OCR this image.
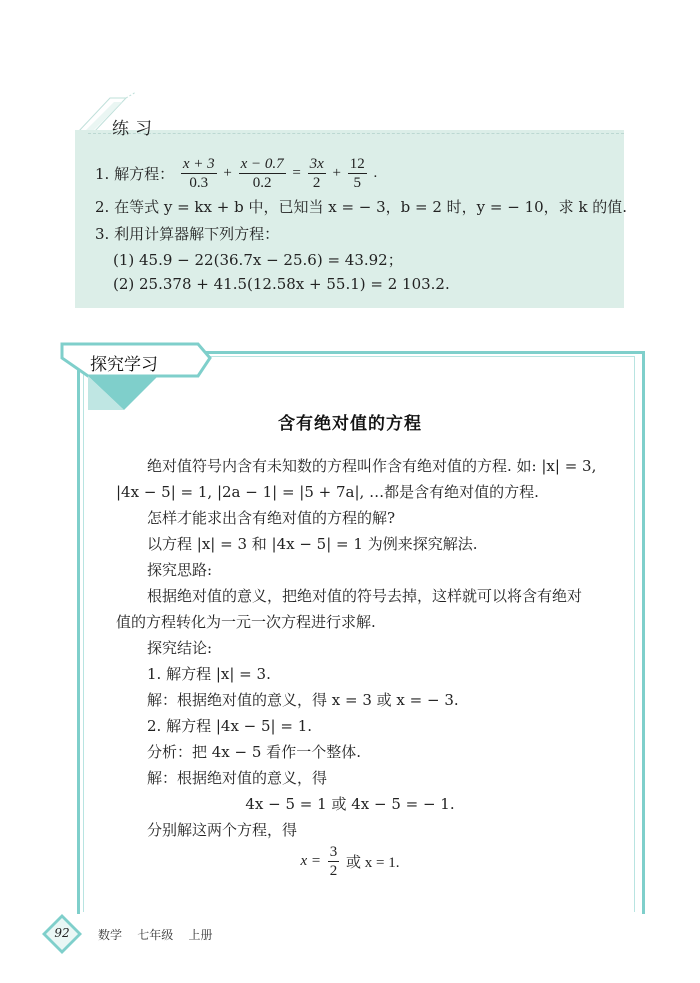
练习
1. 解方程： $\frac{x + 3}{0.3} + \frac{x - 0.7}{0.2} = \frac{3x}{2} + \frac{12}{5}$ .
2. 在等式 y = kx + b 中，已知当 x = − 3，b = 2 时，y = − 10，求 k 的值.
3. 利用计算器解下列方程：
(1) 45.9 − 22(36.7x − 25.6) = 43.92；
(2) 25.378 + 41.5(12.58x + 55.1) = 2 103.2.
探究学习
含有绝对值的方程
绝对值符号内含有未知数的方程叫作含有绝对值的方程. 如: |x| = 3,
|4x − 5| = 1, |2a − 1| = |5 + 7a|, …都是含有绝对值的方程.
怎样才能求出含有绝对值的方程的解?
以方程 |x| = 3 和 |4x − 5| = 1 为例来探究解法.
探究思路:
根据绝对值的意义，把绝对值的符号去掉，这样就可以将含有绝对
值的方程转化为一元一次方程进行求解.
探究结论:
1. 解方程 |x| = 3.
解：根据绝对值的意义，得 x = 3 或 x = − 3.
2. 解方程 |4x − 5| = 1.
分析：把 4x − 5 看作一个整体.
解：根据绝对值的意义，得
4x − 5 = 1 或 4x − 5 = − 1.
分别解这两个方程，得
$x = \frac{3}{2}$ 或 x = 1.
92	数学    七年级    上册
